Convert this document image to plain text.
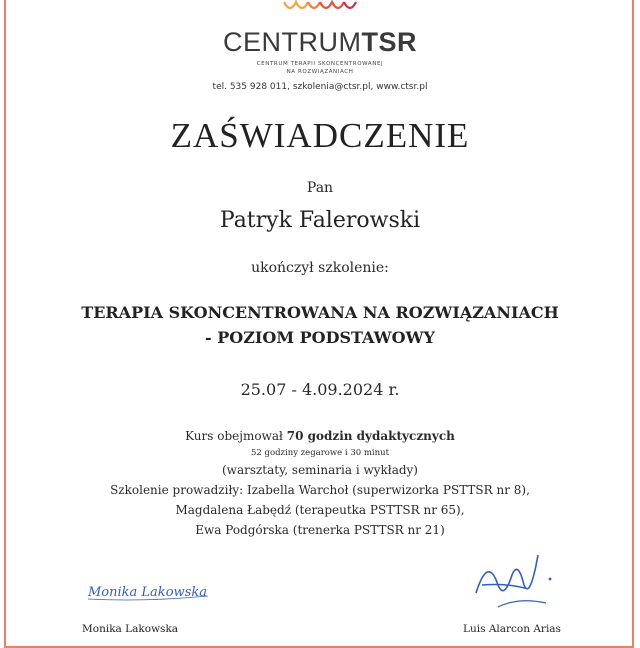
CENTRUMTSR
CENTRUM TERAPII SKONCENTROWANEJ
NA ROZWIĄZANIACH
tel. 535 928 011, szkolenia@ctsr.pl, www.ctsr.pl
ZAŚWIADCZENIE
Pan
Patryk Falerowski
ukończył szkolenie:
TERAPIA SKONCENTROWANA NA ROZWIĄZANIACH
- POZIOM PODSTAWOWY
25.07 - 4.09.2024 r.
Kurs obejmował 70 godzin dydaktycznych
52 godziny zegarowe i 30 minut
(warsztaty, seminaria i wykłady)
Szkolenie prowadziły: Izabella Warchoł (superwizorka PSTTSR nr 8),
Magdalena Łabędź (terapeutka PSTTSR nr 65),
Ewa Podgórska (trenerka PSTTSR nr 21)
Monika Lakowska
Monika Lakowska	Luis Alarcon Arias
